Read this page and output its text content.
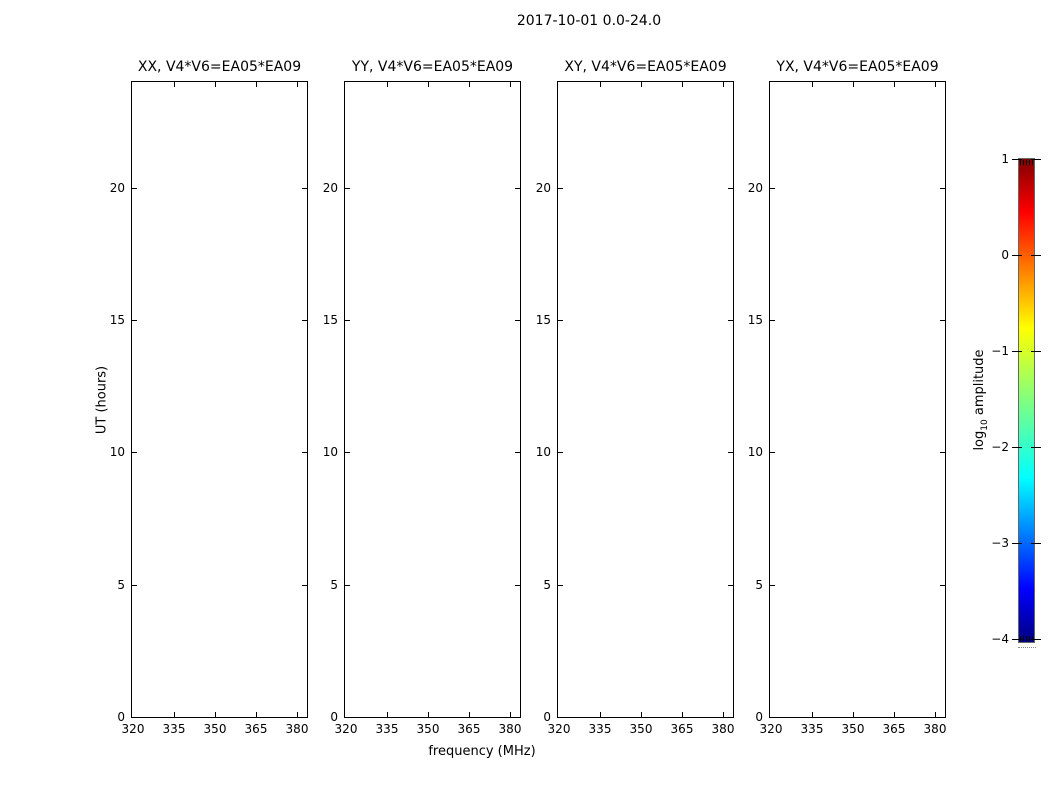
2017-10-01 0.0-24.0
UT (hours)
frequency (MHz)
$\log_{10}$ amplitude
XX, V4*V6=EA05*EA09
320	335	350	365	380
0
5
10
15
20
YY, V4*V6=EA05*EA09
320	335	350	365	380
0
5
10
15
20
XY, V4*V6=EA05*EA09
320	335	350	365	380
0
5
10
15
20
YX, V4*V6=EA05*EA09
320	335	350	365	380
0
5
10
15
20
1
0
−1
−2
−3
−4
